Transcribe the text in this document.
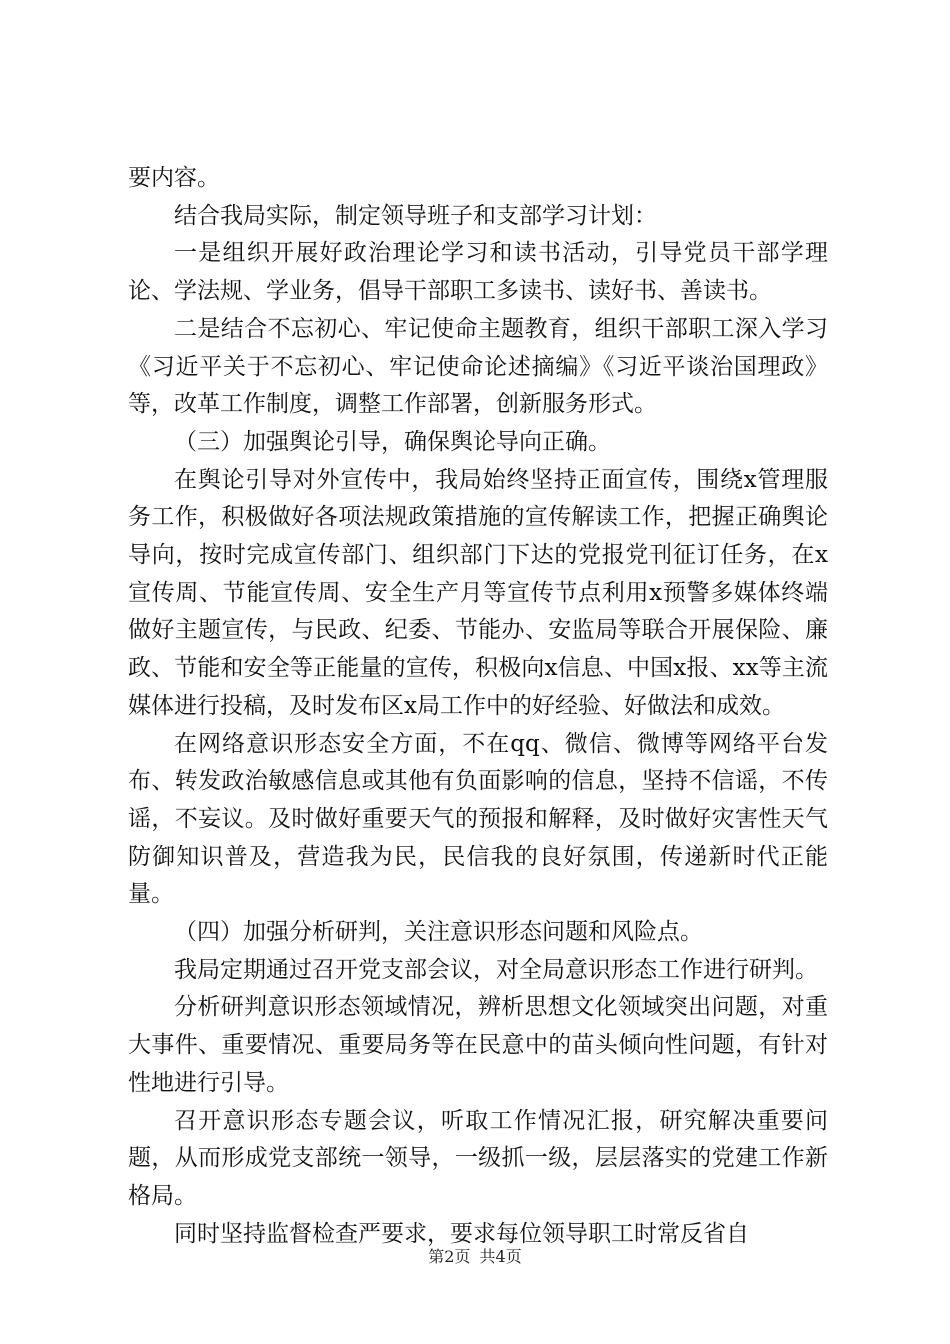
要内容。

结合我局实际，制定领导班子和支部学习计划：

一是组织开展好政治理论学习和读书活动，引导党员干部学理论、学法规、学业务，倡导干部职工多读书、读好书、善读书。

二是结合不忘初心、牢记使命主题教育，组织干部职工深入学习《习近平关于不忘初心、牢记使命论述摘编》《习近平谈治国理政》等，改革工作制度，调整工作部署，创新服务形式。

（三）加强舆论引导，确保舆论导向正确。

在舆论引导对外宣传中，我局始终坚持正面宣传，围绕x管理服务工作，积极做好各项法规政策措施的宣传解读工作，把握正确舆论导向，按时完成宣传部门、组织部门下达的党报党刊征订任务，在x宣传周、节能宣传周、安全生产月等宣传节点利用x预警多媒体终端做好主题宣传，与民政、纪委、节能办、安监局等联合开展保险、廉政、节能和安全等正能量的宣传，积极向x信息、中国x报、xx等主流媒体进行投稿，及时发布区x局工作中的好经验、好做法和成效。

在网络意识形态安全方面，不在qq、微信、微博等网络平台发布、转发政治敏感信息或其他有负面影响的信息，坚持不信谣，不传谣，不妄议。及时做好重要天气的预报和解释，及时做好灾害性天气防御知识普及，营造我为民，民信我的良好氛围，传递新时代正能量。

（四）加强分析研判，关注意识形态问题和风险点。

我局定期通过召开党支部会议，对全局意识形态工作进行研判。

分析研判意识形态领域情况，辨析思想文化领域突出问题，对重大事件、重要情况、重要局务等在民意中的苗头倾向性问题，有针对性地进行引导。

召开意识形态专题会议，听取工作情况汇报，研究解决重要问题，从而形成党支部统一领导，一级抓一级，层层落实的党建工作新格局。

同时坚持监督检查严要求，要求每位领导职工时常反省自

第2页 共4页
